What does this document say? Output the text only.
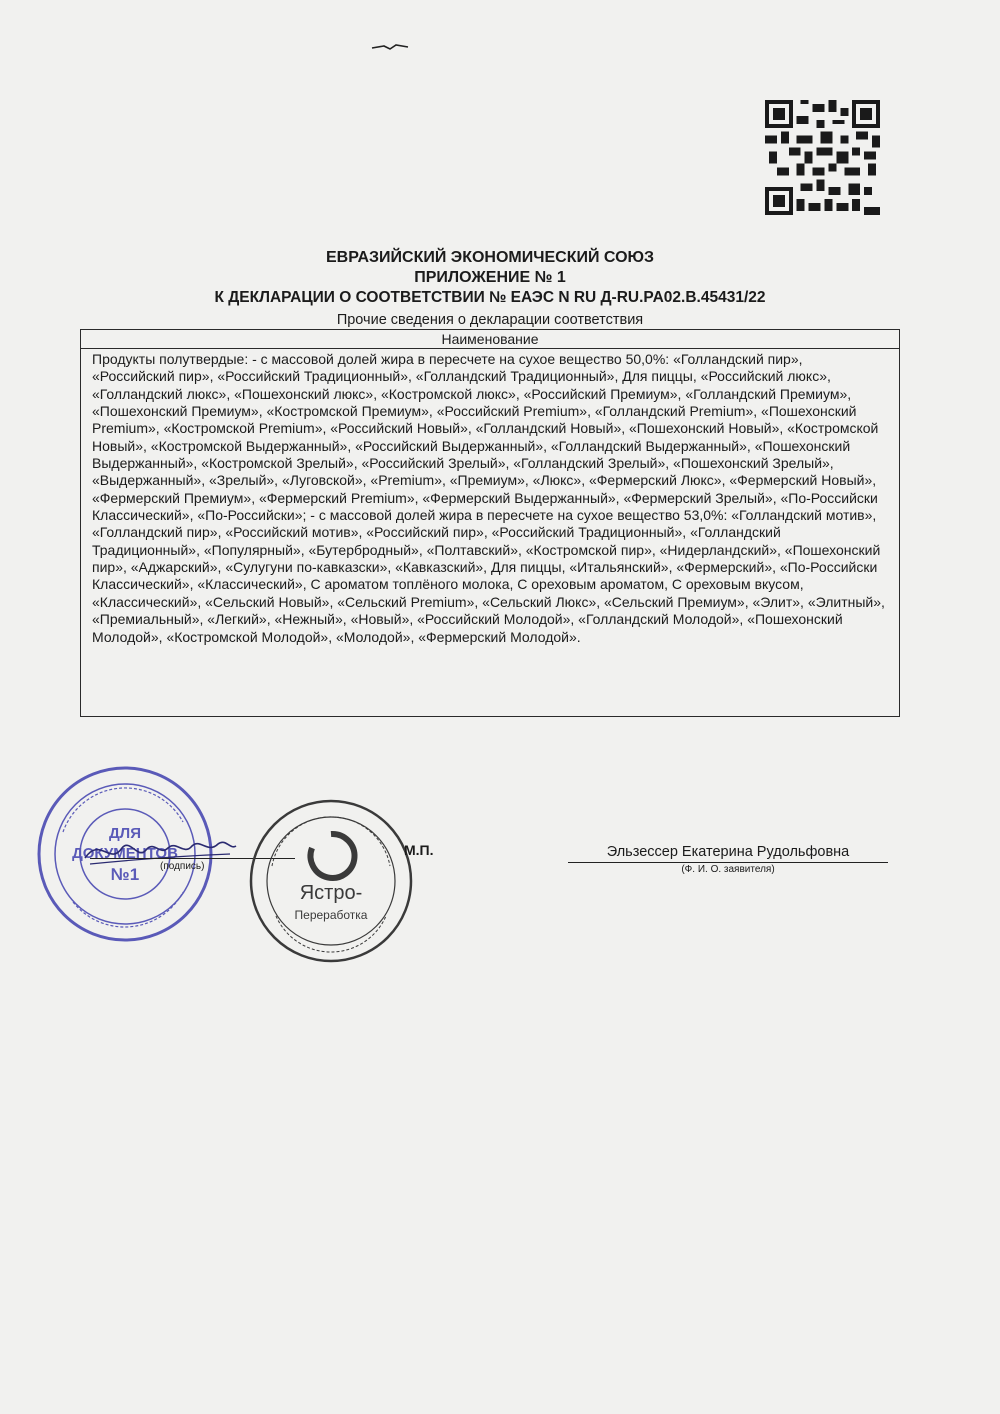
ЕВРАЗИЙСКИЙ ЭКОНОМИЧЕСКИЙ СОЮЗ
ПРИЛОЖЕНИЕ № 1
К ДЕКЛАРАЦИИ О СООТВЕТСТВИИ № ЕАЭС N RU Д-RU.PA02.B.45431/22
Прочие сведения о декларации соответствия
Наименование
Продукты полутвердые: - с массовой долей жира в пересчете на сухое вещество 50,0%: «Голландский пир», «Российский пир», «Российский Традиционный», «Голландский Традиционный», Для пиццы, «Российский люкс», «Голландский люкс», «Пошехонский люкс», «Костромской люкс», «Российский Премиум», «Голландский Премиум», «Пошехонский Премиум», «Костромской Премиум», «Российский Premium», «Голландский Premium», «Пошехонский Premium», «Костромской Premium», «Российский Новый», «Голландский Новый», «Пошехонский Новый», «Костромской Новый», «Костромской Выдержанный», «Российский Выдержанный», «Голландский Выдержанный», «Пошехонский Выдержанный», «Костромской Зрелый», «Российский Зрелый», «Голландский Зрелый», «Пошехонский Зрелый», «Выдержанный», «Зрелый», «Луговской», «Premium», «Премиум», «Люкс», «Фермерский Люкс», «Фермерский Новый», «Фермерский Премиум», «Фермерский Premium», «Фермерский Выдержанный», «Фермерский Зрелый», «По-Российски Классический», «По-Российски»; - с массовой долей жира в пересчете на сухое вещество 53,0%: «Голландский мотив», «Голландский пир», «Российский мотив», «Российский пир», «Российский Традиционный», «Голландский Традиционный», «Популярный», «Бутербродный», «Полтавский», «Костромской пир», «Нидерландский», «Пошехонский пир», «Аджарский», «Сулугуни по-кавказски», «Кавказский», Для пиццы, «Итальянский», «Фермерский», «По-Российски Классический», «Классический», С ароматом топлёного молока, С ореховым ароматом, С ореховым вкусом, «Классический», «Сельский Новый», «Сельский Premium», «Сельский Люкс», «Сельский Премиум», «Элит», «Элитный», «Премиальный», «Легкий», «Нежный», «Новый», «Российский Молодой», «Голландский Молодой», «Пошехонский Молодой», «Костромской Молодой», «Молодой», «Фермерский Молодой».
ДЛЯ
ДОКУМЕНТОВ
№1 (подпись)
Ястро-
Переработка
М.П.	Эльзессер Екатерина Рудольфовна
(Ф. И. О. заявителя)
